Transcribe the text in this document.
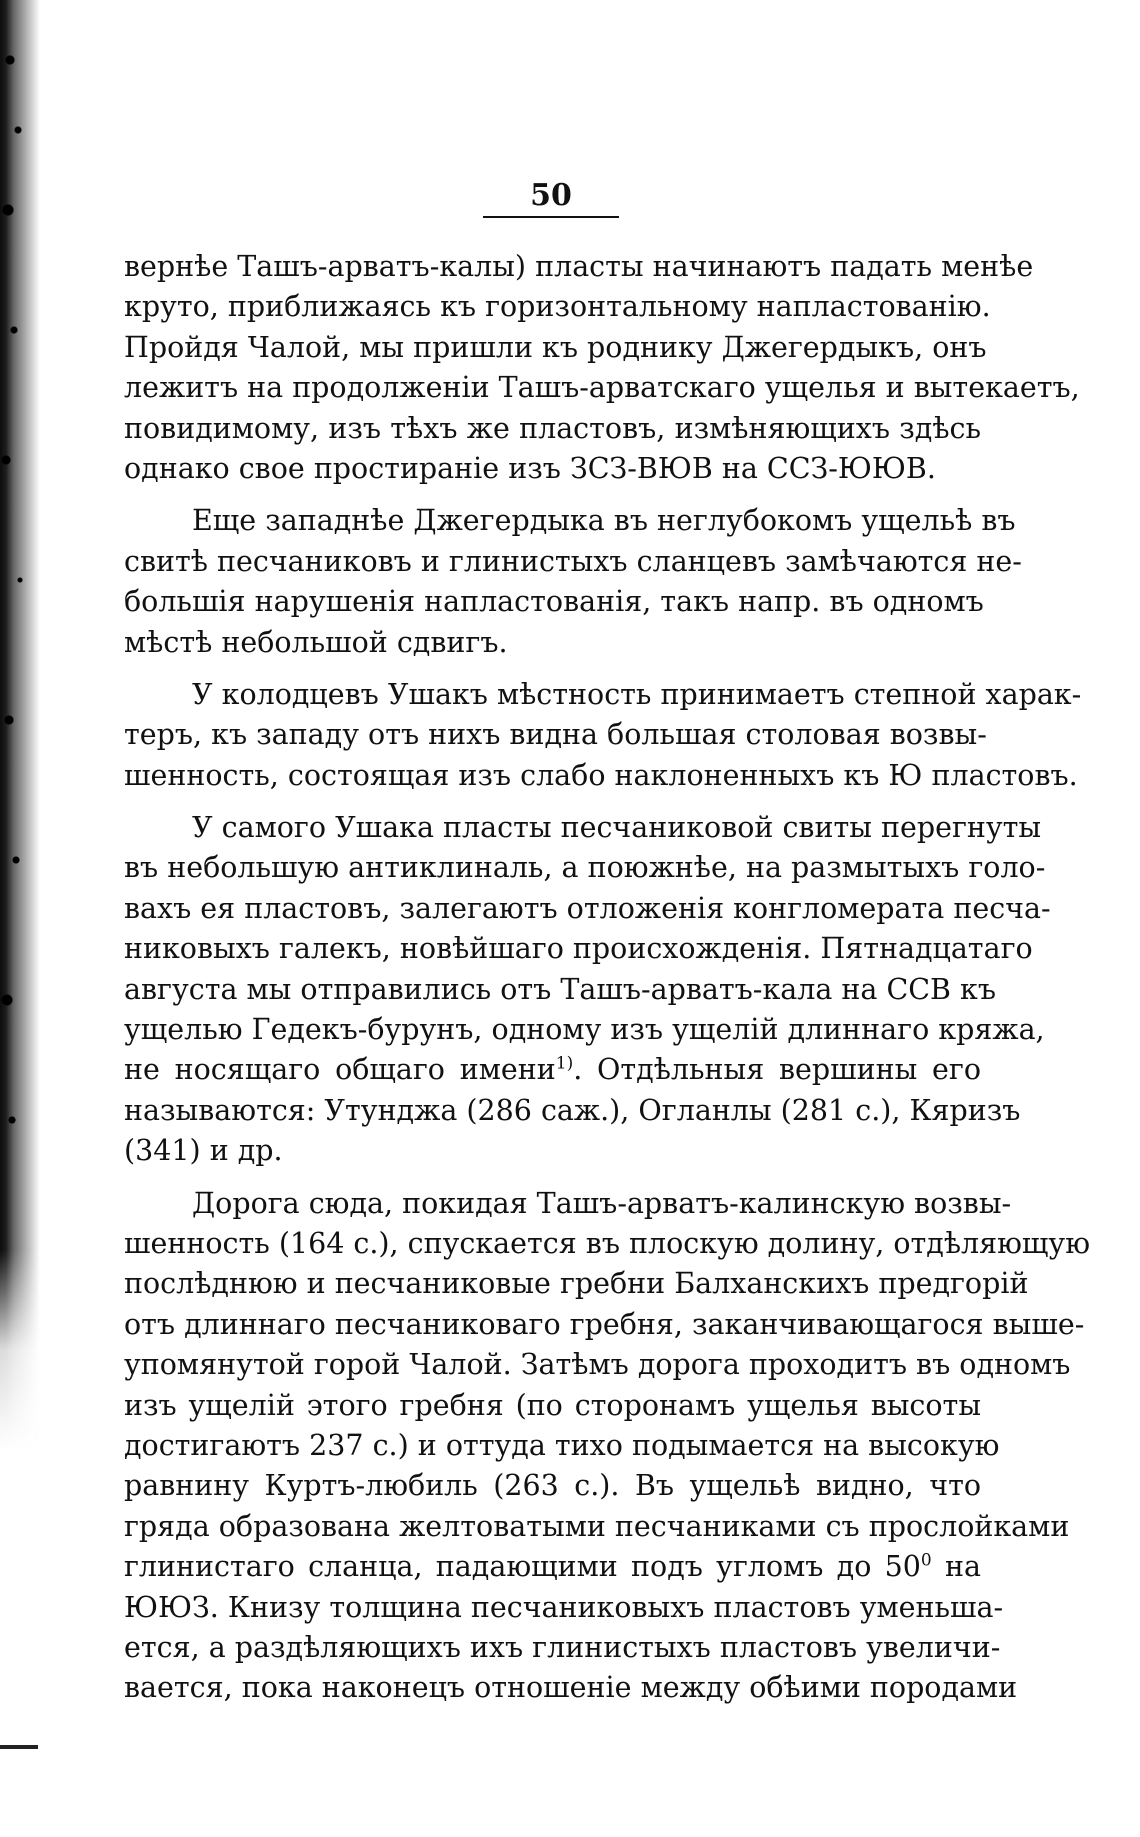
50
вернѣе Ташъ-арватъ-калы) пласты начинаютъ падать менѣе
круто, приближаясь къ горизонтальному напластованію.
Пройдя Чалой, мы пришли къ роднику Джегердыкъ, онъ
лежитъ на продолженіи Ташъ-арватскаго ущелья и вытекаетъ,
повидимому, изъ тѣхъ же пластовъ, измѣняющихъ здѣсь
однако свое простираніе изъ ЗСЗ-ВЮВ на ССЗ-ЮЮВ.
Еще западнѣе Джегердыка въ неглубокомъ ущельѣ въ
свитѣ песчаниковъ и глинистыхъ сланцевъ замѣчаются не-
большія нарушенія напластованія, такъ напр. въ одномъ
мѣстѣ небольшой сдвигъ.
У колодцевъ Ушакъ мѣстность принимаетъ степной харак-
теръ, къ западу отъ нихъ видна большая столовая возвы-
шенность, состоящая изъ слабо наклоненныхъ къ Ю пластовъ.
У самого Ушака пласты песчаниковой свиты перегнуты
въ небольшую антиклиналь, а поюжнѣе, на размытыхъ голо-
вахъ ея пластовъ, залегаютъ отложенія конгломерата песча-
никовыхъ галекъ, новѣйшаго происхожденія. Пятнадцатаго
августа мы отправились отъ Ташъ-арватъ-кала на ССВ къ
ущелью Гедекъ-бурунъ, одному изъ ущелій длиннаго кряжа,
не носящаго общаго имени$^{1)}$. Отдѣльныя вершины его
называются: Утунджа (286 саж.), Огланлы (281 с.), Кяризъ
(341) и др.
Дорога сюда, покидая Ташъ-арватъ-калинскую возвы-
шенность (164 с.), спускается въ плоскую долину, отдѣляющую
послѣднюю и песчаниковые гребни Балханскихъ предгорій
отъ длиннаго песчаниковаго гребня, заканчивающагося выше-
упомянутой горой Чалой. Затѣмъ дорога проходитъ въ одномъ
изъ ущелій этого гребня (по сторонамъ ущелья высоты
достигаютъ 237 с.) и оттуда тихо подымается на высокую
равнину Куртъ-любиль (263 с.). Въ ущельѣ видно, что
гряда образована желтоватыми песчаниками съ прослойками
глинистаго сланца, падающими подъ угломъ до $50^0$ на
ЮЮЗ. Книзу толщина песчаниковыхъ пластовъ уменьша-
ется, а раздѣляющихъ ихъ глинистыхъ пластовъ увеличи-
вается, пока наконецъ отношеніе между обѣими породами
